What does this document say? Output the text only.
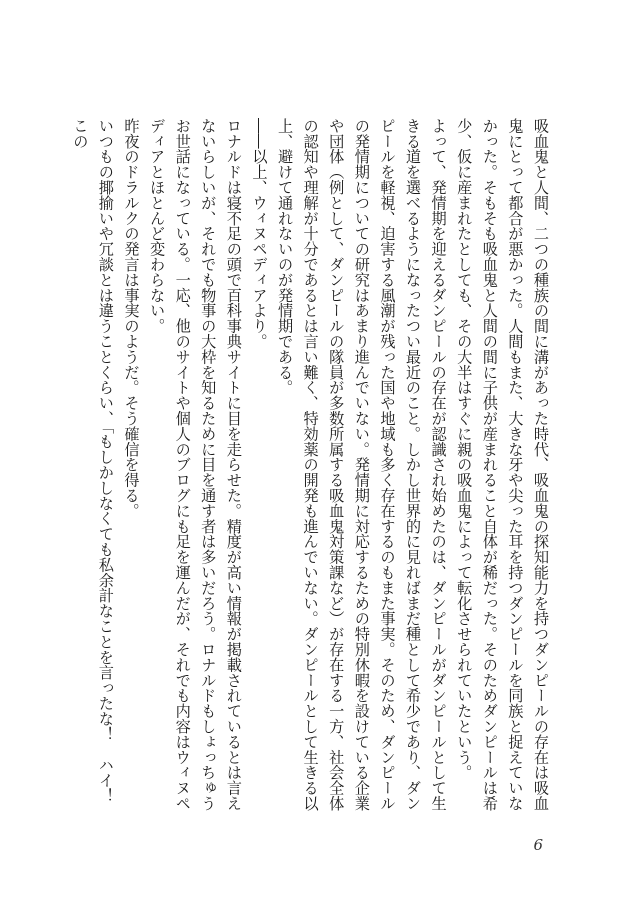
吸血鬼と人間、二つの種族の間に溝があった時代、吸血鬼の探知能力を持つダンピールの存在は吸血鬼にとって都合が悪かった。人間もまた、大きな牙や尖った耳を持つダンピールを同族と捉えていなかった。そもそも吸血鬼と人間の間に子供が産まれること自体が稀だった。そのためダンピールは希少、仮に産まれたとしても、その大半はすぐに親の吸血鬼によって転化させられていたという。

よって、発情期を迎えるダンピールの存在が認識され始めたのは、ダンピールがダンピールとして生きる道を選べるようになったつい最近のこと。しかし世界的に見ればまだ種として希少であり、ダンピールを軽視、迫害する風潮が残った国や地域も多く存在するのもまた事実。そのため、ダンピールの発情期についての研究はあまり進んでいない。発情期に対応するための特別休暇を設けている企業や団体（例として、ダンピールの隊員が多数所属する吸血鬼対策課など）が存在する一方、社会全体の認知や理解が十分であるとは言い難く、特効薬の開発も進んでいない。ダンピールとして生きる以上、避けて通れないのが発情期である。

――以上、ウィヌペディアより。

ロナルドは寝不足の頭で百科事典サイトに目を走らせた。精度が高い情報が掲載されているとは言えないらしいが、それでも物事の大枠を知るために目を通す者は多いだろう。ロナルドもしょっちゅうお世話になっている。一応、他のサイトや個人のブログにも足を運んだが、それでも内容はウィヌペディアとほとんど変わらない。

昨夜のドラルクの発言は事実のようだ。そう確信を得る。

いつもの揶揄いや冗談とは違うことくらい、「もしかしなくても私余計なことを言ったな！　ハイ！　この

6
